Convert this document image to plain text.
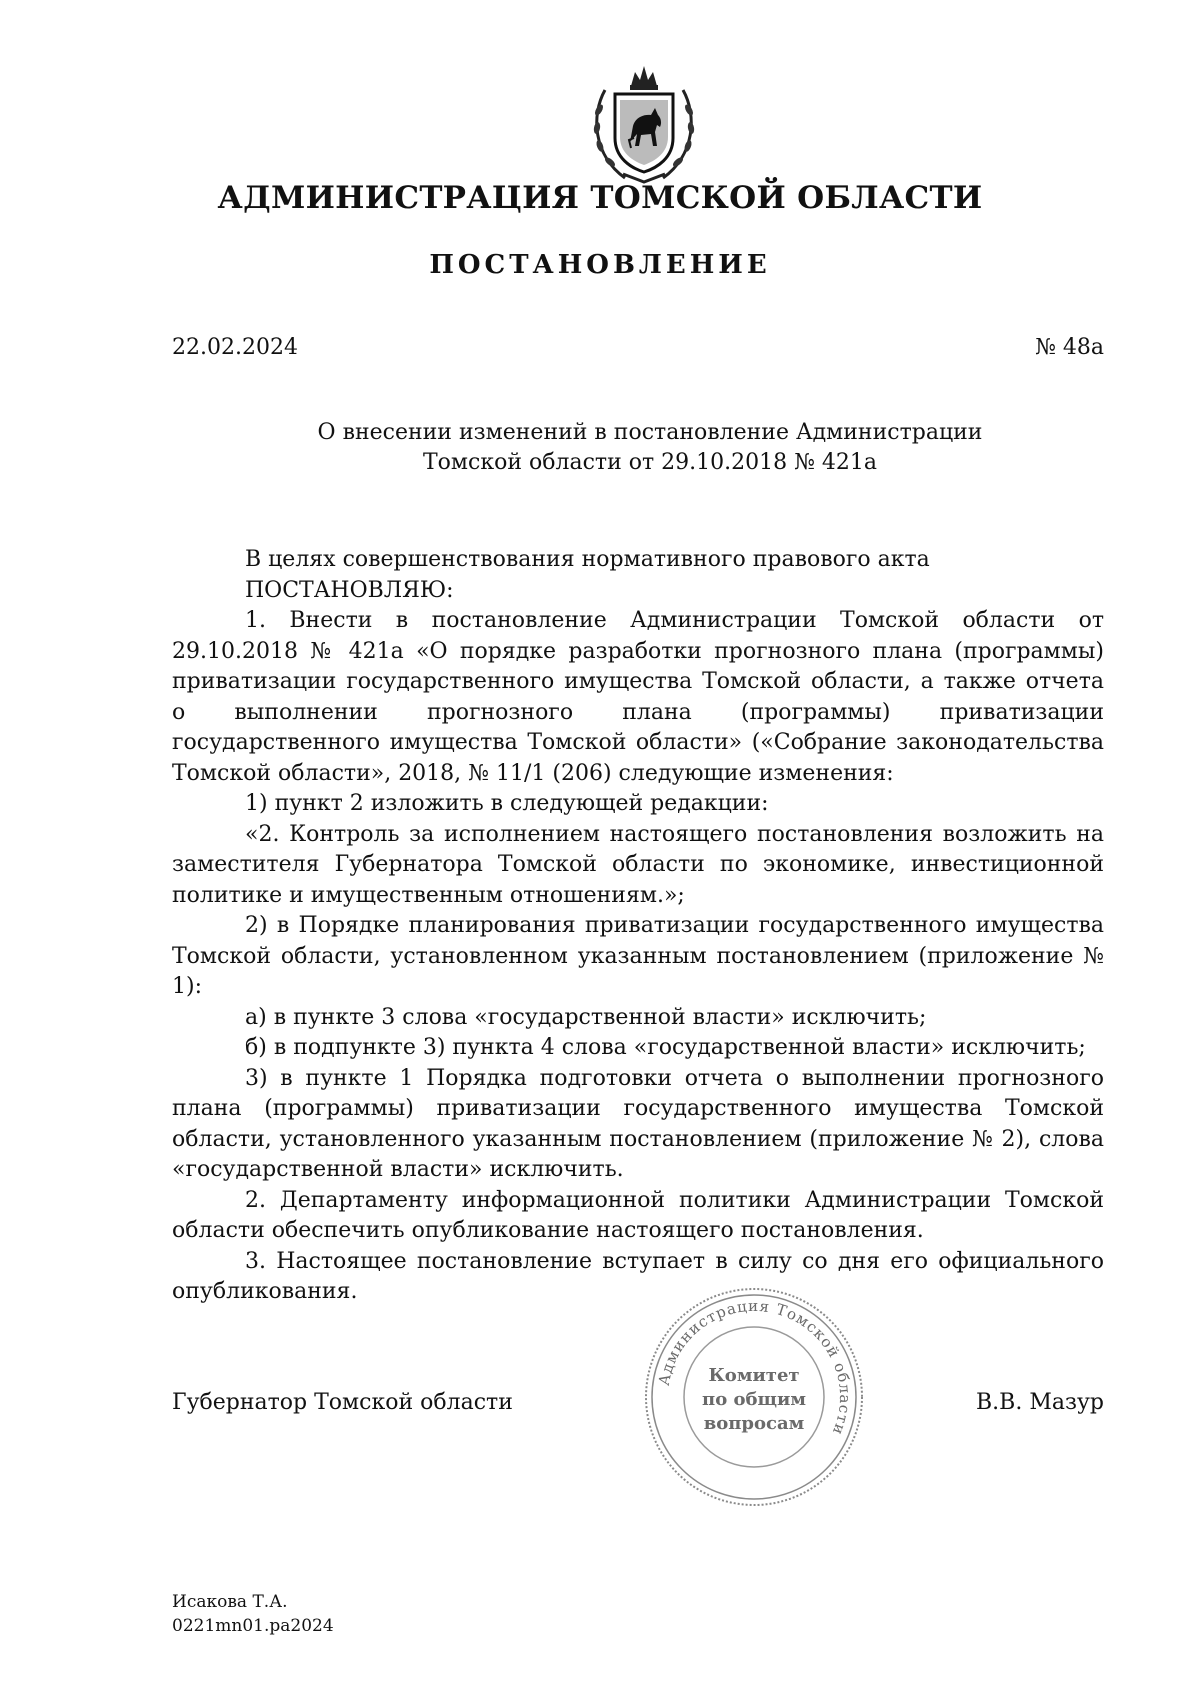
АДМИНИСТРАЦИЯ ТОМСКОЙ ОБЛАСТИ
ПОСТАНОВЛЕНИЕ
22.02.2024	№ 48а
О внесении изменений в постановление Администрации
Томской области от 29.10.2018 № 421а

В целях совершенствования нормативного правового акта

ПОСТАНОВЛЯЮ:

1. Внести в постановление Администрации Томской области от 29.10.2018 № 421а «О порядке разработки прогнозного плана (программы) приватизации государственного имущества Томской области, а также отчета о выполнении прогнозного плана (программы) приватизации государственного имущества Томской области» («Собрание законодательства Томской области», 2018, № 11/1 (206) следующие изменения:

1) пункт 2 изложить в следующей редакции:

«2. Контроль за исполнением настоящего постановления возложить на заместителя Губернатора Томской области по экономике, инвестиционной политике и имущественным отношениям.»;

2) в Порядке планирования приватизации государственного имущества Томской области, установленном указанным постановлением (приложение № 1):

а) в пункте 3 слова «государственной власти» исключить;

б) в подпункте 3) пункта 4 слова «государственной власти» исключить;

3) в пункте 1 Порядка подготовки отчета о выполнении прогнозного плана (программы) приватизации государственного имущества Томской области, установленного указанным постановлением (приложение № 2), слова «государственной власти» исключить.

2. Департаменту информационной политики Администрации Томской области обеспечить опубликование настоящего постановления.

3. Настоящее постановление вступает в силу со дня его официального опубликования.

Администрация Томской области
Комитет
по общим
вопросам
Губернатор Томской области	В.В. Мазур
Исакова Т.А.
0221mn01.pa2024
